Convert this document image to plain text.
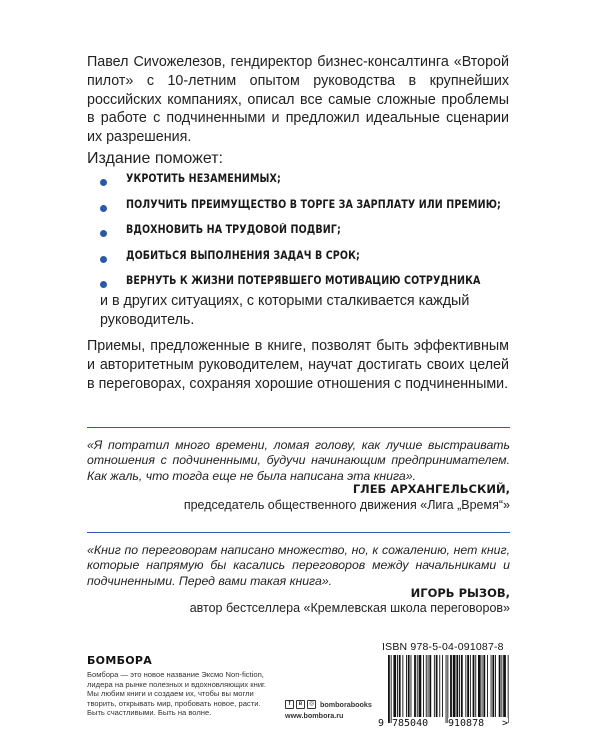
Павел Сиvожелезов, гендиректор бизнес-консалтинга «Второй пилот» с 10-летним опытом руководства в крупнейших российских компаниях, описал все самые сложные проблемы в работе с подчиненными и предложил идеальные сценарии их разрешения.

Издание поможет:

УКРОТИТЬ НЕЗАМЕНИМЫХ;
ПОЛУЧИТЬ ПРЕИМУЩЕСТВО В ТОРГЕ ЗА ЗАРПЛАТУ ИЛИ ПРЕМИЮ;
ВДОХНОВИТЬ НА ТРУДОВОЙ ПОДВИГ;
ДОБИТЬСЯ ВЫПОЛНЕНИЯ ЗАДАЧ В СРОК;
ВЕРНУТЬ К ЖИЗНИ ПОТЕРЯВШЕГО МОТИВАЦИЮ СОТРУДНИКА

и в других ситуациях, с которыми сталкивается каждый руководитель.

Приемы, предложенные в книге, позволят быть эффективным и авторитетным руководителем, научат достигать своих целей в переговорах, сохраняя хорошие отношения с подчиненными.

«Я потратил много времени, ломая голову, как лучше выстраивать отношения с подчиненными, будучи начинающим предпринимателем. Как жаль, что тогда еще не была написана эта книга».

ГЛЕБ АРХАНГЕЛЬСКИЙ,

председатель общественного движения «Лига „Время“»

«Книг по переговорам написано множество, но, к сожалению, нет книг, которые напрямую бы касались переговоров между начальниками и подчиненными. Перед вами такая книга».

ИГОРЬ РЫЗОВ,

автор бестселлера «Кремлевская школа переговоров»

БОМБОРА

Бомбора — это новое название Эксмо Non-fiction, лидера на рынке полезных и вдохновляющих книг. Мы любим книги и создаем их, чтобы вы могли творить, открывать мир, пробовать новое, расти. Быть счастливыми. Быть на волне.

f	в	◎ bomborabooks
www.bombora.ru
ISBN 978-5-04-091087-8
9 785040 910878 >
